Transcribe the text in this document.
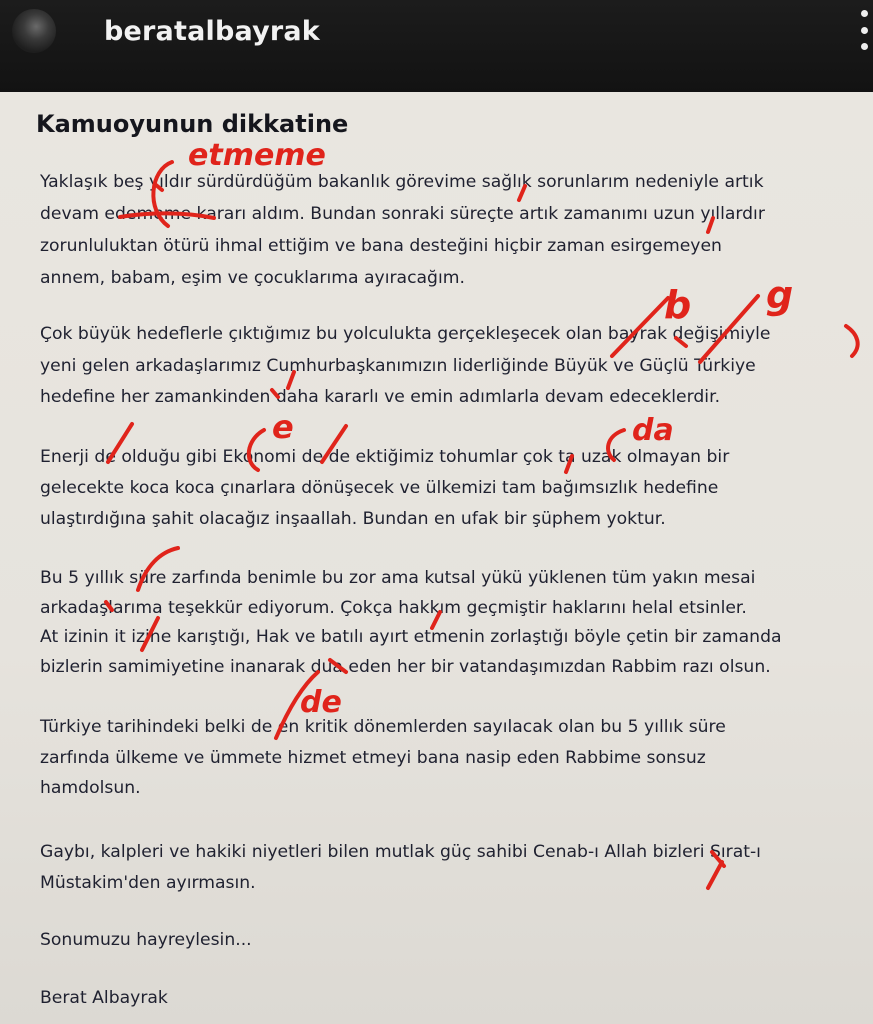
beratalbayrak
Kamuoyunun dikkatine
Yaklaşık beş yıldır sürdürdüğüm bakanlık görevime sağlık sorunlarım nedeniyle artık
devam edememe kararı aldım. Bundan sonraki süreçte artık zamanımı uzun yıllardır
zorunluluktan ötürü ihmal ettiğim ve bana desteğini hiçbir zaman esirgemeyen
annem, babam, eşim ve çocuklarıma ayıracağım.
Çok büyük hedeflerle çıktığımız bu yolculukta gerçekleşecek olan bayrak değişimiyle
yeni gelen arkadaşlarımız Cumhurbaşkanımızın liderliğinde Büyük ve Güçlü Türkiye
hedefine her zamankinden daha kararlı ve emin adımlarla devam edeceklerdir.
Enerji de olduğu gibi Ekonomi de de ektiğimiz tohumlar çok ta uzak olmayan bir
gelecekte koca koca çınarlara dönüşecek ve ülkemizi tam bağımsızlık hedefine
ulaştırdığına şahit olacağız inşaallah. Bundan en ufak bir şüphem yoktur.
Bu 5 yıllık süre zarfında benimle bu zor ama kutsal yükü yüklenen tüm yakın mesai
arkadaşlarıma teşekkür ediyorum. Çokça hakkım geçmiştir haklarını helal etsinler.
At izinin it izine karıştığı, Hak ve batılı ayırt etmenin zorlaştığı böyle çetin bir zamanda
bizlerin samimiyetine inanarak dua eden her bir vatandaşımızdan Rabbim razı olsun.
Türkiye tarihindeki belki de en kritik dönemlerden sayılacak olan bu 5 yıllık süre
zarfında ülkeme ve ümmete hizmet etmeyi bana nasip eden Rabbime sonsuz
hamdolsun.
Gaybı, kalpleri ve hakiki niyetleri bilen mutlak güç sahibi Cenab-ı Allah bizleri Sırat-ı
Müstakim'den ayırmasın.
Sonumuzu hayreylesin...
Berat Albayrak
etmeme
b g
e	da
de
